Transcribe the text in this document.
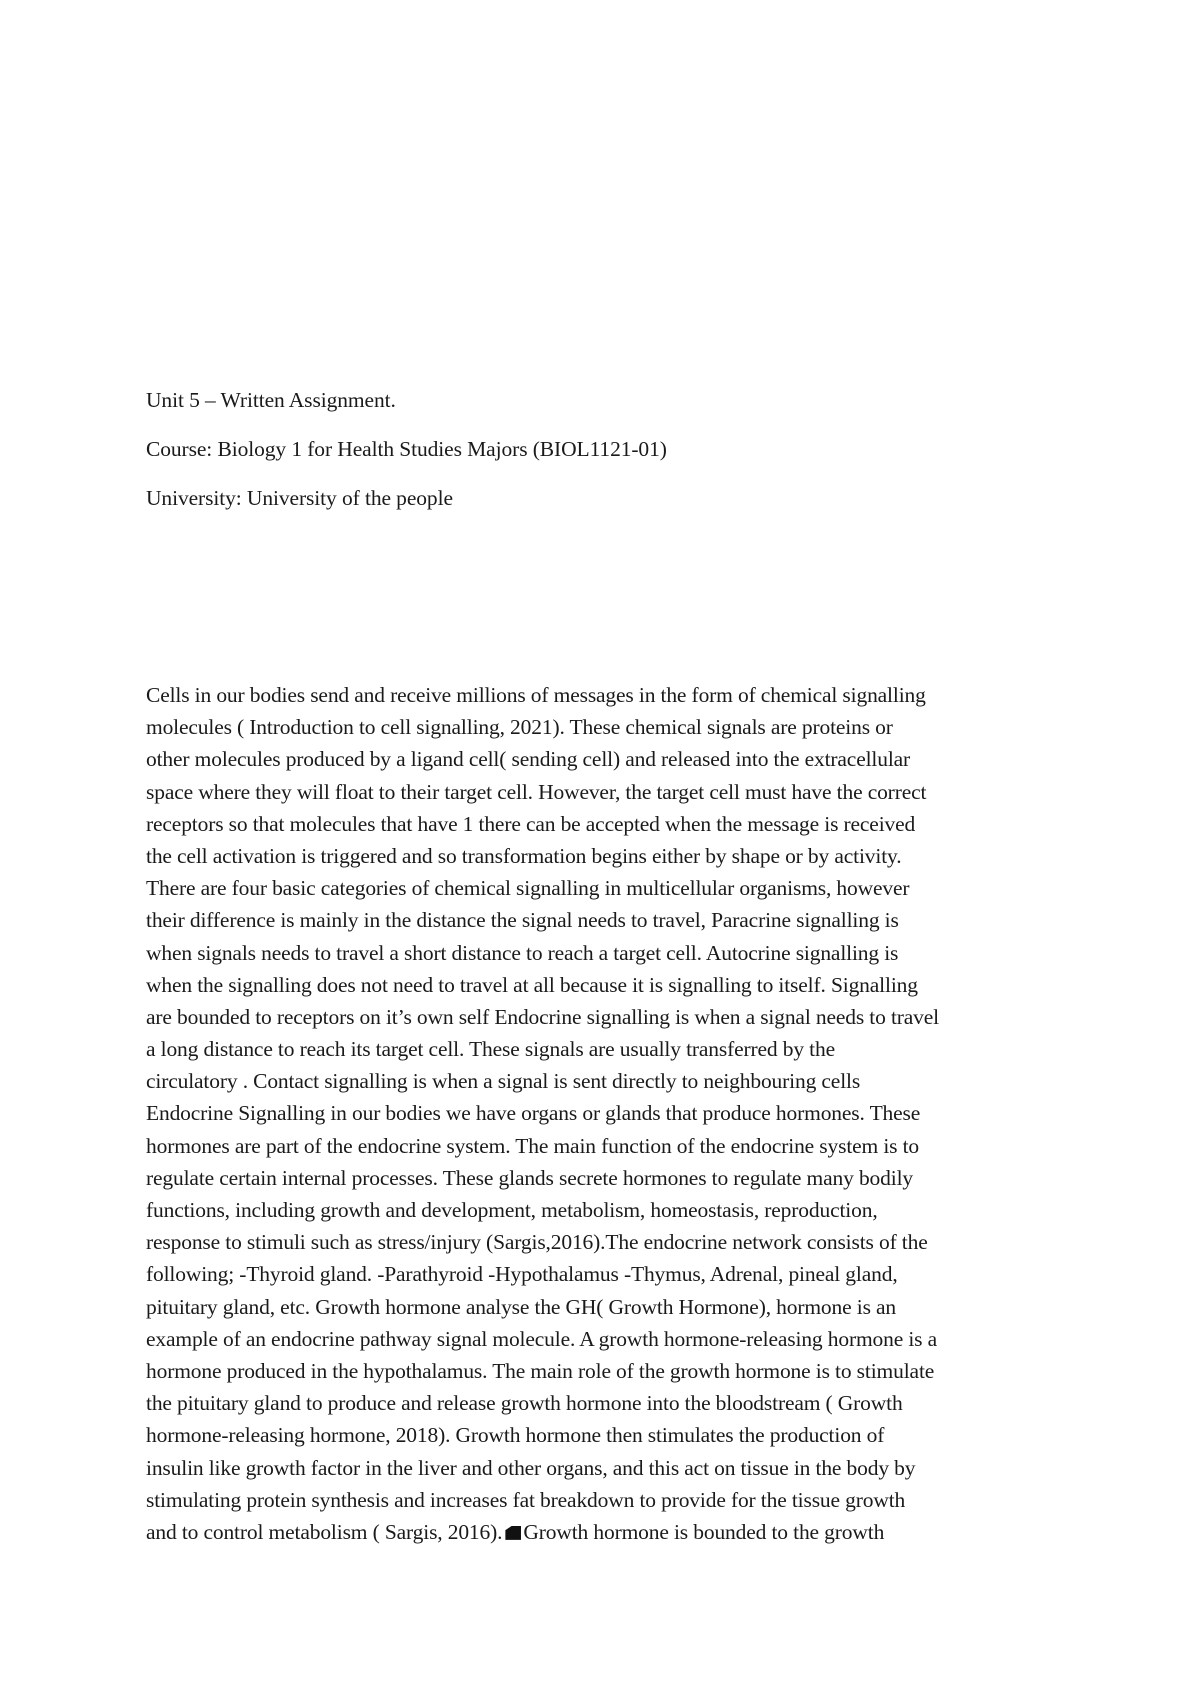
Unit 5 – Written Assignment.
Course: Biology 1 for Health Studies Majors (BIOL1121-01)
University: University of the people
Cells in our bodies send and receive millions of messages in the form of chemical signalling
molecules ( Introduction to cell signalling, 2021). These chemical signals are proteins or
other molecules produced by a ligand cell( sending cell) and released into the extracellular
space where they will float to their target cell. However, the target cell must have the correct
receptors so that molecules that have 1 there can be accepted when the message is received
the cell activation is triggered and so transformation begins either by shape or by activity.
There are four basic categories of chemical signalling in multicellular organisms, however
their difference is mainly in the distance the signal needs to travel, Paracrine signalling is
when signals needs to travel a short distance to reach a target cell. Autocrine signalling is
when the signalling does not need to travel at all because it is signalling to itself. Signalling
are bounded to receptors on it’s own self Endocrine signalling is when a signal needs to travel
a long distance to reach its target cell. These signals are usually transferred by the
circulatory . Contact signalling is when a signal is sent directly to neighbouring cells
Endocrine Signalling in our bodies we have organs or glands that produce hormones. These
hormones are part of the endocrine system. The main function of the endocrine system is to
regulate certain internal processes. These glands secrete hormones to regulate many bodily
functions, including growth and development, metabolism, homeostasis, reproduction,
response to stimuli such as stress/injury (Sargis,2016).The endocrine network consists of the
following; -Thyroid gland. -Parathyroid -Hypothalamus -Thymus, Adrenal, pineal gland,
pituitary gland, etc. Growth hormone analyse the GH( Growth Hormone), hormone is an
example of an endocrine pathway signal molecule. A growth hormone-releasing hormone is a
hormone produced in the hypothalamus. The main role of the growth hormone is to stimulate
the pituitary gland to produce and release growth hormone into the bloodstream ( Growth
hormone-releasing hormone, 2018). Growth hormone then stimulates the production of
insulin like growth factor in the liver and other organs, and this act on tissue in the body by
stimulating protein synthesis and increases fat breakdown to provide for the tissue growth
and to control metabolism ( Sargis, 2016). Growth hormone is bounded to the growth
